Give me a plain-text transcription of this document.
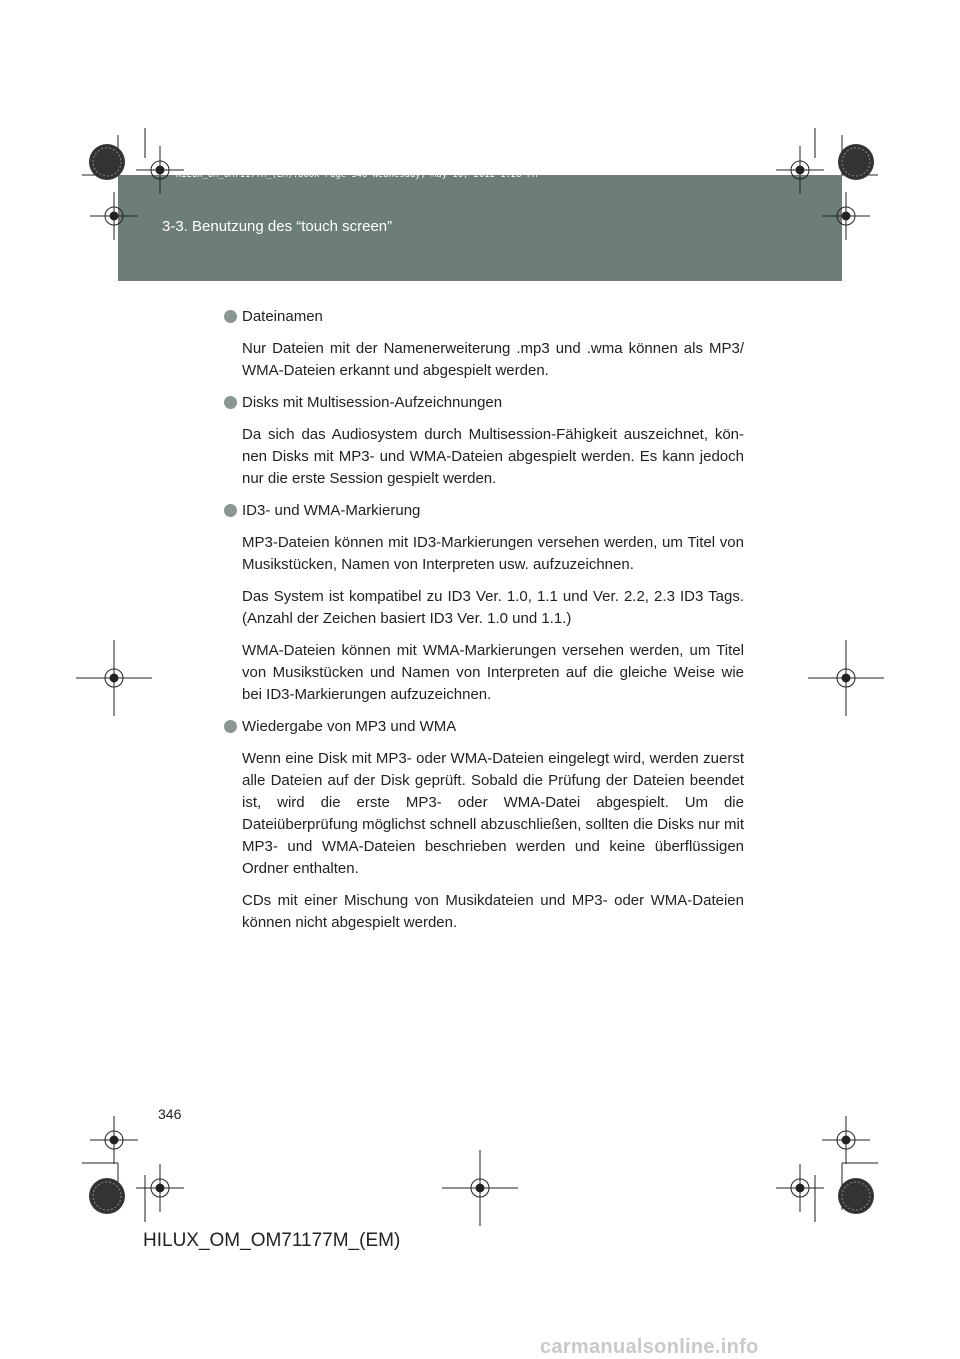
HILUX_OM_OM71177M_(EM).book Page 346 Wednesday, May 16, 2012 1:28 PM
3-3. Benutzung des “touch screen”
Dateinamen
Nur Dateien mit der Namenerweiterung .mp3 und .wma können als MP3/ WMA-Dateien erkannt und abgespielt werden.
Disks mit Multisession-Aufzeichnungen
Da sich das Audiosystem durch Multisession-Fähigkeit auszeichnet, kön-nen Disks mit MP3- und WMA-Dateien abgespielt werden. Es kann jedoch nur die erste Session gespielt werden.
ID3- und WMA-Markierung
MP3-Dateien können mit ID3-Markierungen versehen werden, um Titel von Musikstücken, Namen von Interpreten usw. aufzuzeichnen.
Das System ist kompatibel zu ID3 Ver. 1.0, 1.1 und Ver. 2.2, 2.3 ID3 Tags. (Anzahl der Zeichen basiert ID3 Ver. 1.0 und 1.1.)
WMA-Dateien können mit WMA-Markierungen versehen werden, um Titel von Musikstücken und Namen von Interpreten auf die gleiche Weise wie bei ID3-Markierungen aufzuzeichnen.
Wiedergabe von MP3 und WMA
Wenn eine Disk mit MP3- oder WMA-Dateien eingelegt wird, werden zuerst alle Dateien auf der Disk geprüft. Sobald die Prüfung der Dateien beendet ist, wird die erste MP3- oder WMA-Datei abgespielt. Um die Dateiüberprüfung möglichst schnell abzuschließen, sollten die Disks nur mit MP3- und WMA-Dateien beschrieben werden und keine überflüssigen Ordner enthalten.
CDs mit einer Mischung von Musikdateien und MP3- oder WMA-Dateien können nicht abgespielt werden.
346
HILUX_OM_OM71177M_(EM)
carmanualsonline.info
